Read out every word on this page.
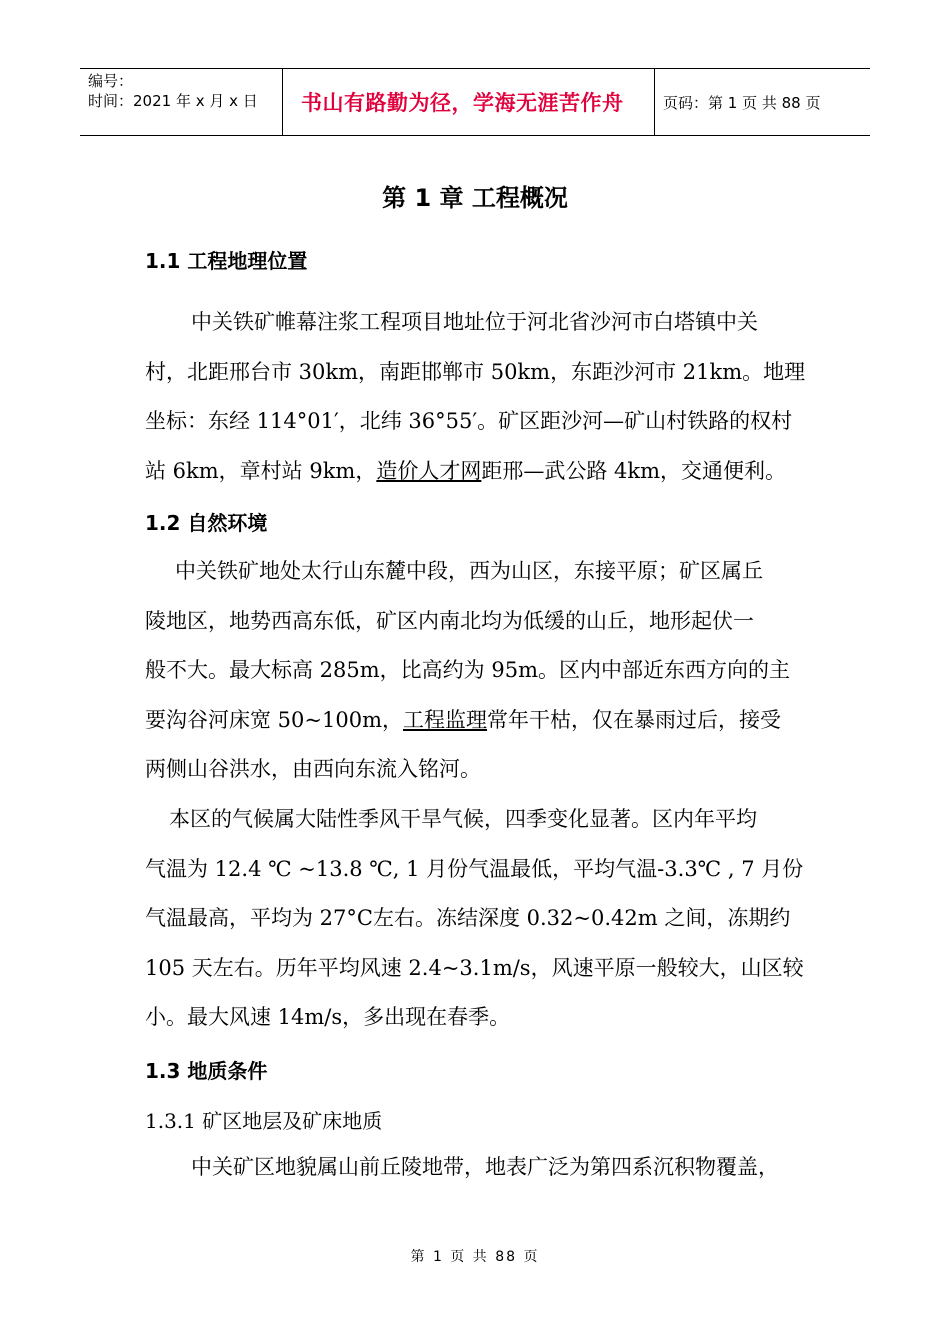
编号：
时间：2021 年 x 月 x 日	书山有路勤为径，学海无涯苦作舟	页码：第 1 页 共 88 页
第 1 章 工程概况
1.1 工程地理位置
中关铁矿帷幕注浆工程项目地址位于河北省沙河市白塔镇中关
村，北距邢台市 30km，南距邯郸市 50km，东距沙河市 21km。地理
坐标：东经 114°01′，北纬 36°55′。矿区距沙河—矿山村铁路的权村
站 6km，章村站 9km，造价人才网距邢—武公路 4km，交通便利。
1.2 自然环境
中关铁矿地处太行山东麓中段，西为山区，东接平原；矿区属丘
陵地区，地势西高东低，矿区内南北均为低缓的山丘，地形起伏一
般不大。最大标高 285m，比高约为 95m。区内中部近东西方向的主
要沟谷河床宽 50~100m，工程监理常年干枯，仅在暴雨过后，接受
两侧山谷洪水，由西向东流入铭河。
本区的气候属大陆性季风干旱气候，四季变化显著。区内年平均
气温为 12.4 ℃ ~13.8 ℃, 1 月份气温最低，平均气温-3.3℃ , 7 月份
气温最高，平均为 27°C左右。冻结深度 0.32~0.42m 之间，冻期约
105 天左右。历年平均风速 2.4~3.1m/s，风速平原一般较大，山区较
小。最大风速 14m/s，多出现在春季。
1.3 地质条件
1.3.1 矿区地层及矿床地质
中关矿区地貌属山前丘陵地带，地表广泛为第四系沉积物覆盖，
第 1 页 共 88 页
